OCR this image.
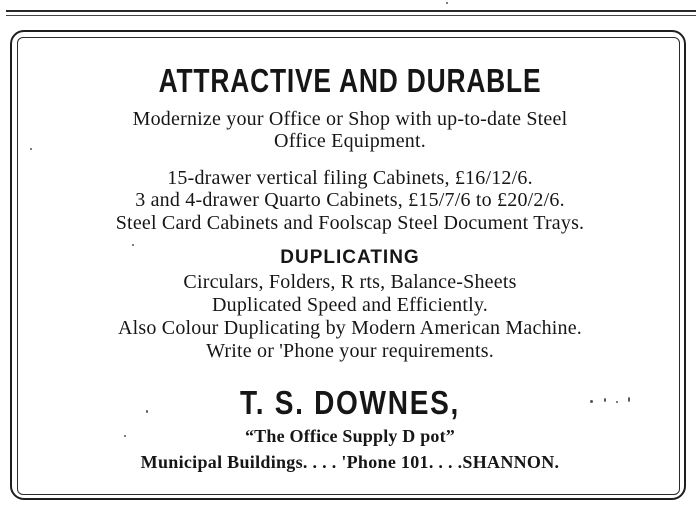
ATTRACTIVE AND DURABLE
Modernize your Office or Shop with up-to-date Steel
Office Equipment.
15-drawer vertical filing Cabinets, £16/12/6.
3 and 4-drawer Quarto Cabinets, £15/7/6 to £20/2/6.
Steel Card Cabinets and Foolscap Steel Document Trays.
DUPLICATING
Circulars, Folders, R rts, Balance-Sheets
Duplicated Speed and Efficiently.
Also Colour Duplicating by Modern American Machine.
Write or 'Phone your requirements.
T. S. DOWNES,
“The Office Supply D pot”
Municipal Buildings. . . . 'Phone 101. . . .SHANNON.
